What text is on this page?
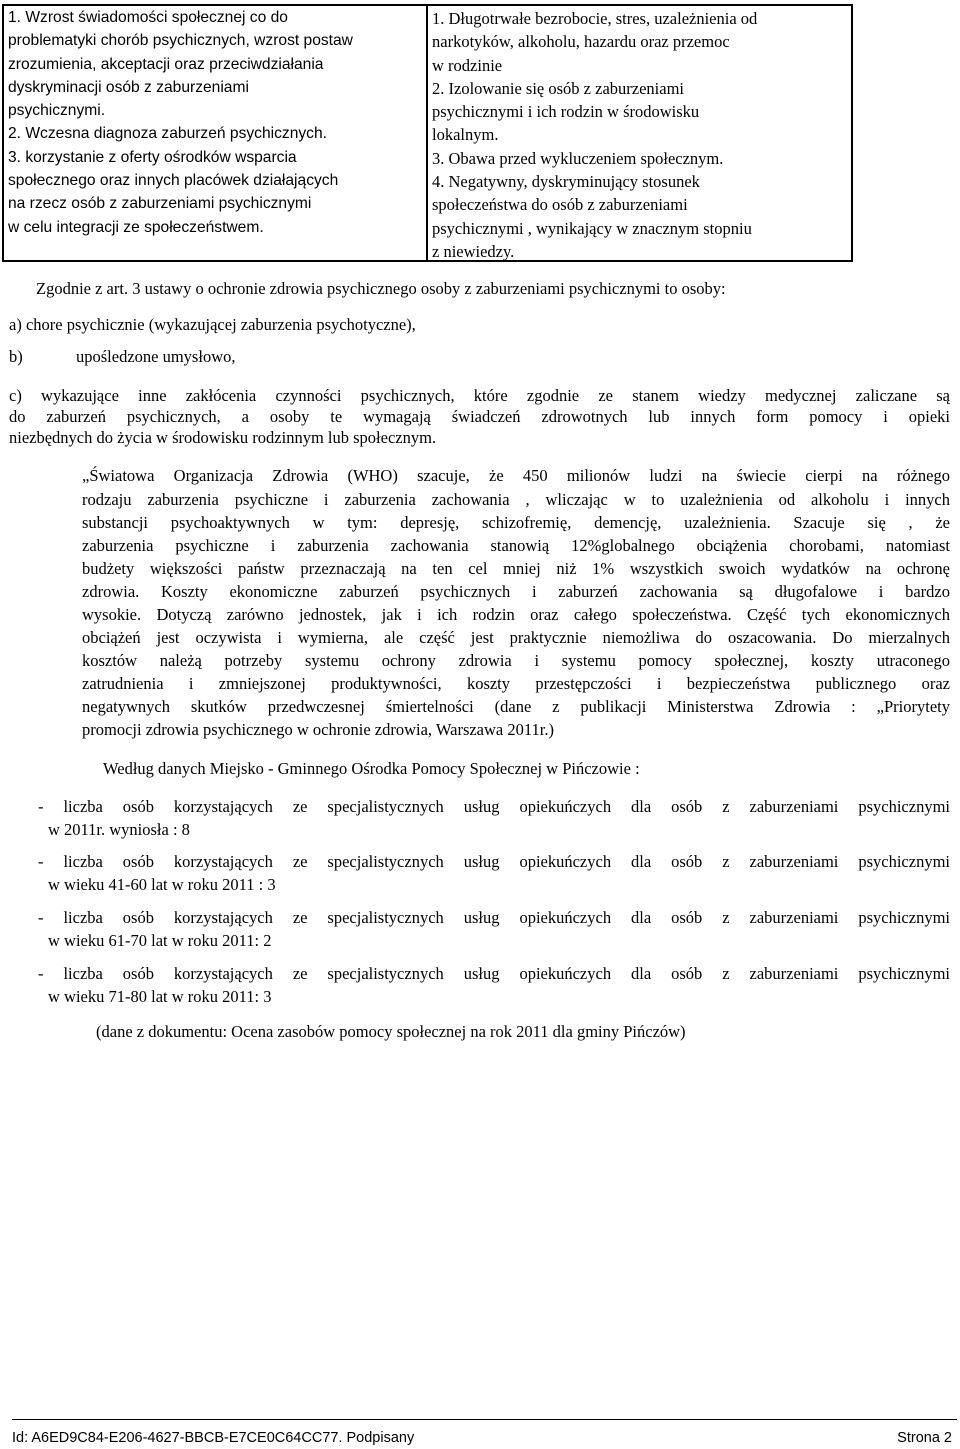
1. Wzrost świadomości społecznej co do
problematyki chorób psychicznych, wzrost postaw
zrozumienia, akceptacji oraz przeciwdziałania
dyskryminacji osób z zaburzeniami
psychicznymi.
2. Wczesna diagnoza zaburzeń psychicznych.
3. korzystanie z oferty ośrodków wsparcia
społecznego oraz innych placówek działających
na rzecz osób z zaburzeniami psychicznymi
w celu integracji ze społeczeństwem.
1. Długotrwałe bezrobocie, stres, uzależnienia od
narkotyków, alkoholu, hazardu oraz przemoc
w rodzinie
2. Izolowanie się osób z zaburzeniami
psychicznymi i ich rodzin w środowisku
lokalnym.
3. Obawa przed wykluczeniem społecznym.
4. Negatywny, dyskryminujący stosunek
społeczeństwa do osób z zaburzeniami
psychicznymi , wynikający w znacznym stopniu
z niewiedzy.
Zgodnie z art. 3 ustawy o ochronie zdrowia psychicznego osoby z zaburzeniami psychicznymi to osoby:
a) chore psychicznie (wykazującej zaburzenia psychotyczne),
b)	upośledzone umysłowo,
c) wykazujące inne zakłócenia czynności psychicznych, które zgodnie ze stanem wiedzy medycznej zaliczane są
do zaburzeń psychicznych, a osoby te wymagają świadczeń zdrowotnych lub innych form pomocy i opieki
niezbędnych do życia w środowisku rodzinnym lub społecznym.
„Światowa Organizacja Zdrowia (WHO) szacuje, że 450 milionów ludzi na świecie cierpi na różnego
rodzaju zaburzenia psychiczne i zaburzenia zachowania , wliczając w to uzależnienia od alkoholu i innych
substancji psychoaktywnych w tym: depresję, schizofremię, demencję, uzależnienia. Szacuje się , że
zaburzenia psychiczne i zaburzenia zachowania stanowią 12%globalnego obciążenia chorobami, natomiast
budżety większości państw przeznaczają na ten cel mniej niż 1% wszystkich swoich wydatków na ochronę
zdrowia. Koszty ekonomiczne zaburzeń psychicznych i zaburzeń zachowania są długofalowe i bardzo
wysokie. Dotyczą zarówno jednostek, jak i ich rodzin oraz całego społeczeństwa. Część tych ekonomicznych
obciążeń jest oczywista i wymierna, ale część jest praktycznie niemożliwa do oszacowania. Do mierzalnych
kosztów należą potrzeby systemu ochrony zdrowia i systemu pomocy społecznej, koszty utraconego
zatrudnienia i zmniejszonej produktywności, koszty przestępczości i bezpieczeństwa publicznego oraz
negatywnych skutków przedwczesnej śmiertelności (dane z publikacji Ministerstwa Zdrowia : „Priorytety
promocji zdrowia psychicznego w ochronie zdrowia, Warszawa 2011r.)
Według danych Miejsko - Gminnego Ośrodka Pomocy Społecznej w Pińczowie :
- liczba osób korzystających ze specjalistycznych usług opiekuńczych dla osób z zaburzeniami psychicznymi
w 2011r. wyniosła : 8
- liczba osób korzystających ze specjalistycznych usług opiekuńczych dla osób z zaburzeniami psychicznymi
w wieku 41-60 lat w roku 2011 : 3
- liczba osób korzystających ze specjalistycznych usług opiekuńczych dla osób z zaburzeniami psychicznymi
w wieku 61-70 lat w roku 2011: 2
- liczba osób korzystających ze specjalistycznych usług opiekuńczych dla osób z zaburzeniami psychicznymi
w wieku 71-80 lat w roku 2011: 3
(dane z dokumentu: Ocena zasobów pomocy społecznej na rok 2011 dla gminy Pińczów)
Id: A6ED9C84-E206-4627-BBCB-E7CE0C64CC77. Podpisany	Strona 2
